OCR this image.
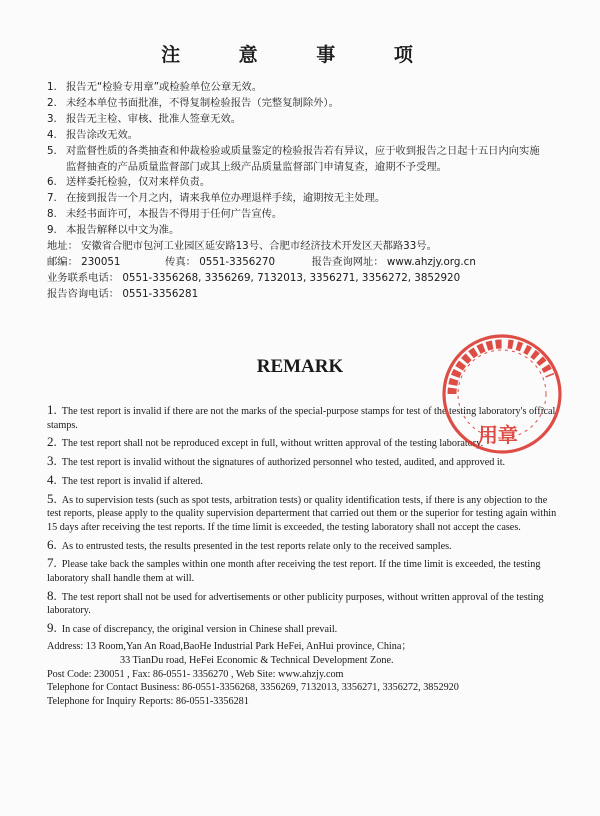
注 意 事 项
1. 报告无“检验专用章”或检验单位公章无效。
2. 未经本单位书面批准，不得复制检验报告（完整复制除外）。
3. 报告无主检、审核、批准人签章无效。
4. 报告涂改无效。
5. 对监督性质的各类抽查和仲裁检验或质量鉴定的检验报告若有异议，应于收到报告之日起十五日内向实施监督抽查的产品质量监督部门或其上级产品质量监督部门申请复查，逾期不予受理。
6. 送样委托检验，仅对来样负责。
7. 在接到报告一个月之内，请来我单位办理退样手续，逾期按无主处理。
8. 未经书面许可，本报告不得用于任何广告宣传。
9. 本报告解释以中文为准。
地址： 安徽省合肥市包河工业园区延安路13号、合肥市经济技术开发区天都路33号。
邮编： 230051	传真： 0551-3356270	报告查询网址： www.ahzjy.org.cn
业务联系电话： 0551-3356268, 3356269, 7132013, 3356271, 3356272, 3852920
报告咨询电话： 0551-3356281
REMARK
1. The test report is invalid if there are not the marks of the special-purpose stamps for test of the testing laboratory's offical stamps.
2. The test report shall not be reproduced except in full, without written approval of the testing laboratory.
3. The test report is invalid without the signatures of authorized personnel who tested, audited, and approved it.
4. The test report is invalid if altered.
5. As to supervision tests (such as spot tests, arbitration tests) or quality identification tests, if there is any objection to the test reports, please apply to the quality supervision departerment that carried out them or the superior for testing again within 15 days after receiving the test reports. If the time limit is exceeded, the testing laboratory shall not accept the cases.
6. As to entrusted tests, the results presented in the test reports relate only to the received samples.
7. Please take back the samples within one month after receiving the test report. If the time limit is exceeded, the testing laboratory shall handle them at will.
8. The test report shall not be used for advertisements or other publicity purposes, without written approval of the testing laboratory.
9. In case of discrepancy, the original version in Chinese shall prevail.
Address: 13 Room,Yan An Road,BaoHe Industrial Park HeFei, AnHui province, China；
33 TianDu road, HeFei Economic & Technical Development Zone.
Post Code: 230051 , Fax: 86-0551- 3356270 , Web Site: www.ahzjy.com
Telephone for Contact Business: 86-0551-3356268, 3356269, 7132013, 3356271, 3356272, 3852920
Telephone for Inquiry Reports: 86-0551-3356281
用章
